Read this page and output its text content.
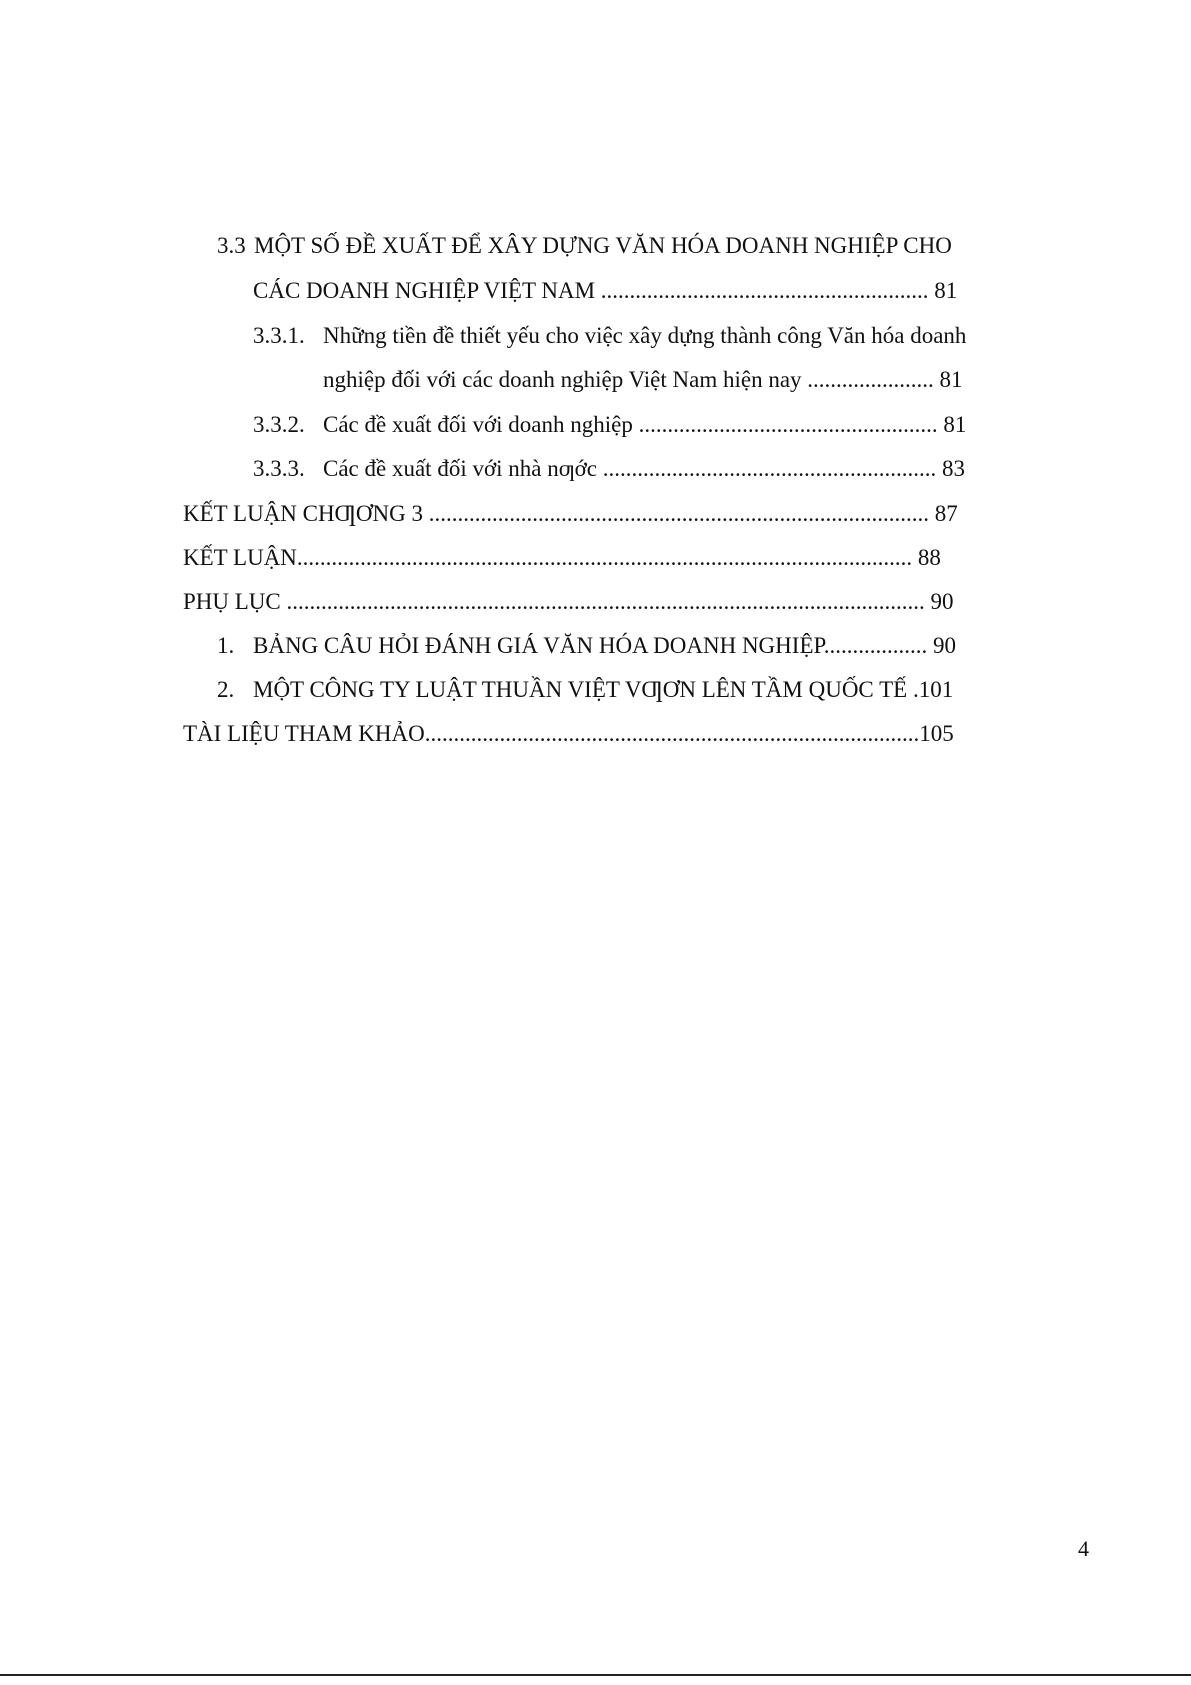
3.3 MỘT SỐ ĐỀ XUẤT ĐỂ XÂY DỰNG VĂN HÓA DOANH NGHIỆP CHO
CÁC DOANH NGHIỆP VIỆT NAM ......................................................... 81
3.3.1. Những tiền đề thiết yếu cho việc xây dựng thành công Văn hóa doanh
nghiệp đối với các doanh nghiệp Việt Nam hiện nay ...................... 81
3.3.2. Các đề xuất đối với doanh nghiệp .................................................... 81
3.3.3. Các đề xuất đối với nhà nƣớc .......................................................... 83
KẾT LUẬN CHƢƠNG 3 ....................................................................................... 87
KẾT LUẬN........................................................................................................... 88
PHỤ LỤC ............................................................................................................... 90
1. BẢNG CÂU HỎI ĐÁNH GIÁ VĂN HÓA DOANH NGHIỆP.................. 90
2. MỘT CÔNG TY LUẬT THUẦN VIỆT VƢƠN LÊN TẦM QUỐC TẾ .101
TÀI LIỆU THAM KHẢO......................................................................................105
4
